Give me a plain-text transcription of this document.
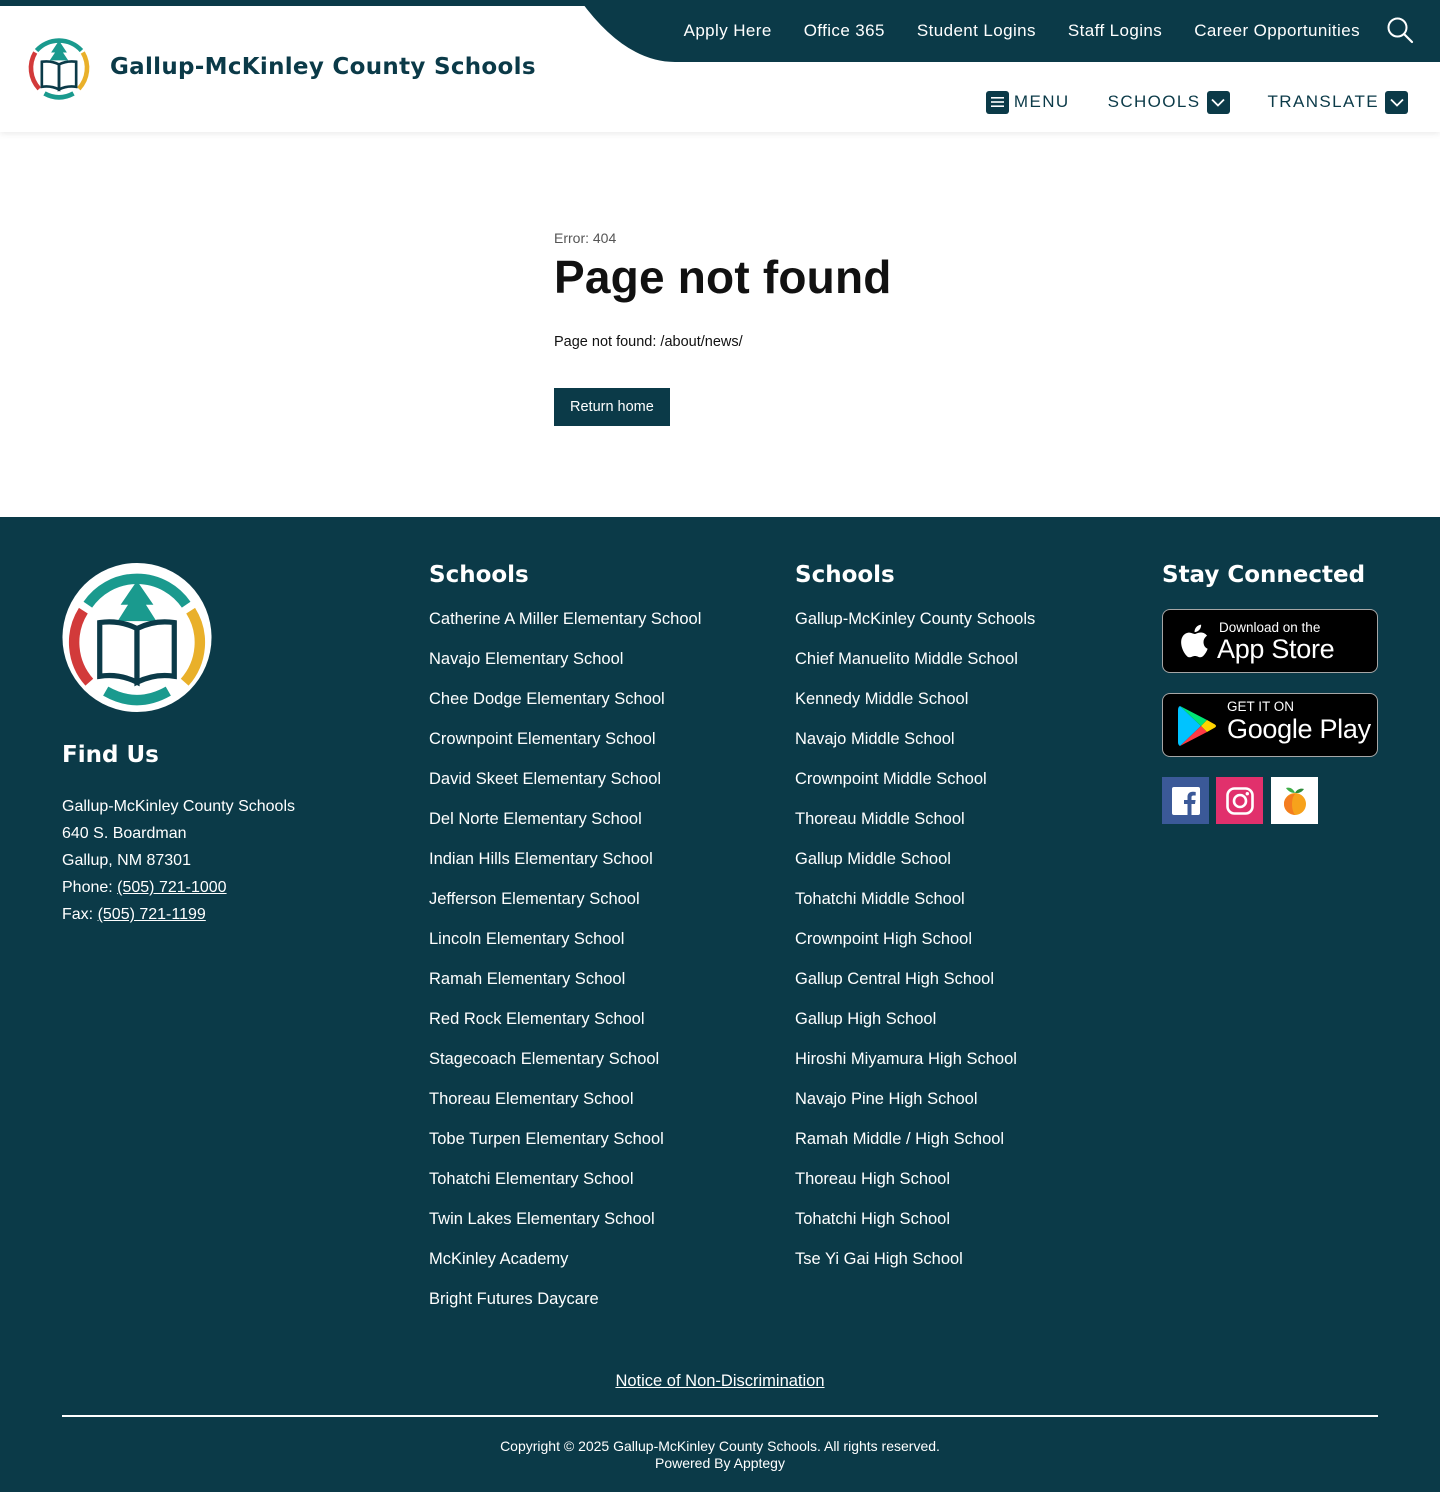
Apply Here Office 365 Student Logins Staff Logins Career Opportunities
Gallup-McKinley County Schools
MENU SCHOOLS	TRANSLATE
Error: 404
Page not found

Page not found: /about/news/

Return home
Find Us
Gallup-McKinley County Schools
640 S. Boardman
Gallup, NM 87301
Phone: (505) 721-1000
Fax: (505) 721-1199
Schools
Catherine A Miller Elementary School
Navajo Elementary School
Chee Dodge Elementary School
Crownpoint Elementary School
David Skeet Elementary School
Del Norte Elementary School
Indian Hills Elementary School
Jefferson Elementary School
Lincoln Elementary School
Ramah Elementary School
Red Rock Elementary School
Stagecoach Elementary School
Thoreau Elementary School
Tobe Turpen Elementary School
Tohatchi Elementary School
Twin Lakes Elementary School
McKinley Academy
Bright Futures Daycare
Schools
Gallup-McKinley County Schools
Chief Manuelito Middle School
Kennedy Middle School
Navajo Middle School
Crownpoint Middle School
Thoreau Middle School
Gallup Middle School
Tohatchi Middle School
Crownpoint High School
Gallup Central High School
Gallup High School
Hiroshi Miyamura High School
Navajo Pine High School
Ramah Middle / High School
Thoreau High School
Tohatchi High School
Tse Yi Gai High School
Stay Connected
Download on the
App Store
GET IT ON
Google Play
Notice of Non-Discrimination
Copyright © 2025 Gallup-McKinley County Schools. All rights reserved.
Powered By Apptegy
